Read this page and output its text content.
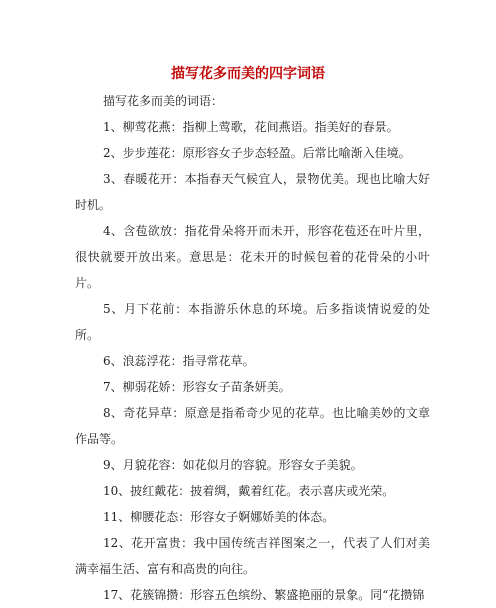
描写花多而美的四字词语

描写花多而美的词语：

1、柳莺花燕：指柳上莺歌，花间燕语。指美好的春景。

2、步步莲花：原形容女子步态轻盈。后常比喻渐入佳境。

3、春暖花开：本指春天气候宜人，景物优美。现也比喻大好时机。

4、含苞欲放：指花骨朵将开而未开，形容花苞还在叶片里，很快就要开放出来。意思是：花未开的时候包着的花骨朵的小叶片。

5、月下花前：本指游乐休息的环境。后多指谈情说爱的处所。

6、浪蕊浮花：指寻常花草。

7、柳弱花娇：形容女子苗条妍美。

8、奇花异草：原意是指希奇少见的花草。也比喻美妙的文章作品等。

9、月貌花容：如花似月的容貌。形容女子美貌。

10、披红戴花：披着绸，戴着红花。表示喜庆或光荣。

11、柳腰花态：形容女子婀娜娇美的体态。

12、花开富贵：我中国传统吉祥图案之一，代表了人们对美满幸福生活、富有和高贵的向往。

17、花簇锦攒：形容五色缤纷、繁盛艳丽的景象。同“花攒锦
